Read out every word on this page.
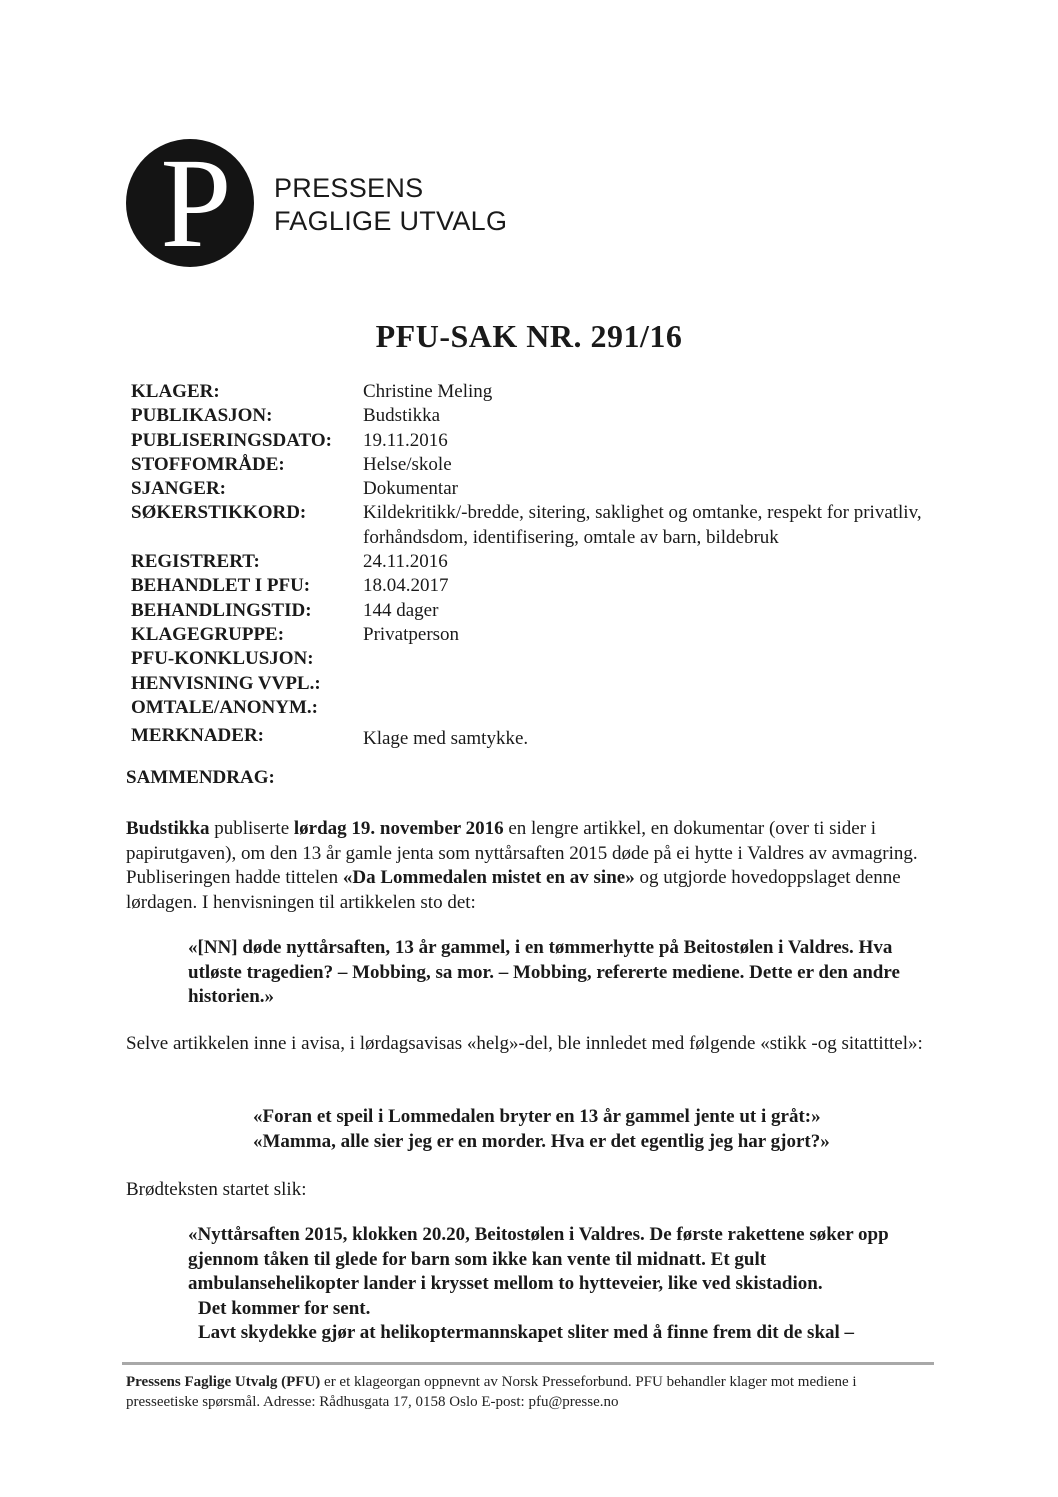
P PRESSENS
FAGLIGE UTVALG
PFU-SAK NR. 291/16
KLAGER:	Christine Meling
PUBLIKASJON:	Budstikka
PUBLISERINGSDATO:	19.11.2016
STOFFOMRÅDE:	Helse/skole
SJANGER:	Dokumentar
SØKERSTIKKORD:	Kildekritikk/-bredde, sitering, saklighet og omtanke, respekt for privatliv, forhåndsdom, identifisering, omtale av barn, bildebruk
REGISTRERT:	24.11.2016
BEHANDLET I PFU:	18.04.2017
BEHANDLINGSTID:	144 dager
KLAGEGRUPPE:	Privatperson
PFU-KONKLUSJON:
HENVISNING VVPL.:
OMTALE/ANONYM.:
MERKNADER:	Klage med samtykke.
SAMMENDRAG:
Budstikka publiserte lørdag 19. november 2016 en lengre artikkel, en dokumentar (over ti sider i papirutgaven), om den 13 år gamle jenta som nyttårsaften 2015 døde på ei hytte i Valdres av avmagring. Publiseringen hadde tittelen «Da Lommedalen mistet en av sine» og utgjorde hovedoppslaget denne lørdagen. I henvisningen til artikkelen sto det:
«[NN] døde nyttårsaften, 13 år gammel, i en tømmerhytte på Beitostølen i Valdres. Hva utløste tragedien? – Mobbing, sa mor. – Mobbing, refererte mediene. Dette er den andre historien.»
Selve artikkelen inne i avisa, i lørdagsavisas «helg»-del, ble innledet med følgende «stikk -og sitattittel»:
«Foran et speil i Lommedalen bryter en 13 år gammel jente ut i gråt:»
«Mamma, alle sier jeg er en morder. Hva er det egentlig jeg har gjort?»
Brødteksten startet slik:
«Nyttårsaften 2015, klokken 20.20, Beitostølen i Valdres. De første rakettene søker opp gjennom tåken til glede for barn som ikke kan vente til midnatt. Et gult ambulansehelikopter lander i krysset mellom to hytteveier, like ved skistadion.
Det kommer for sent.
Lavt skydekke gjør at helikoptermannskapet sliter med å finne frem dit de skal –
Pressens Faglige Utvalg (PFU) er et klageorgan oppnevnt av Norsk Presseforbund. PFU behandler klager mot mediene i presseetiske spørsmål. Adresse: Rådhusgata 17, 0158 Oslo E-post: pfu@presse.no
